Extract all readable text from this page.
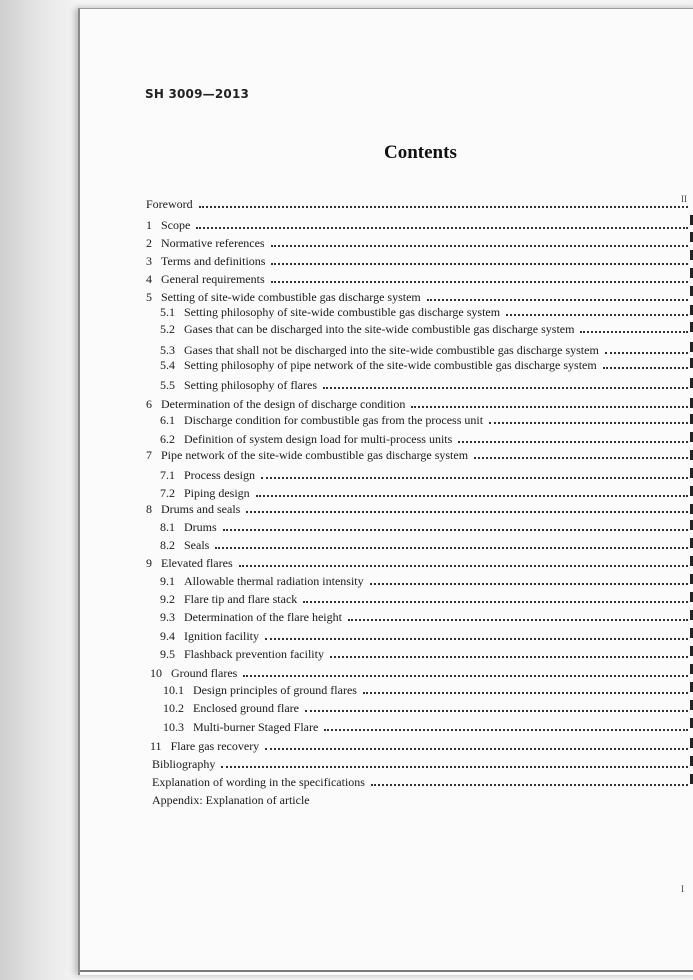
SH 3009—2013
Contents
Foreword
1 Scope
2 Normative references
3 Terms and definitions
4 General requirements
5 Setting of site-wide combustible gas discharge system
5.1 Setting philosophy of site-wide combustible gas discharge system
5.2 Gases that can be discharged into the site-wide combustible gas discharge system
5.3 Gases that shall not be discharged into the site-wide combustible gas discharge system
5.4 Setting philosophy of pipe network of the site-wide combustible gas discharge system
5.5 Setting philosophy of flares
6 Determination of the design of discharge condition
6.1 Discharge condition for combustible gas from the process unit
6.2 Definition of system design load for multi-process units
7 Pipe network of the site-wide combustible gas discharge system
7.1 Process design
7.2 Piping design
8 Drums and seals
8.1 Drums
8.2 Seals
9 Elevated flares
9.1 Allowable thermal radiation intensity
9.2 Flare tip and flare stack
9.3 Determination of the flare height
9.4 Ignition facility
9.5 Flashback prevention facility
10 Ground flares
10.1 Design principles of ground flares
10.2 Enclosed ground flare
10.3 Multi-burner Staged Flare
11 Flare gas recovery
Bibliography
Explanation of wording in the specifications
Appendix: Explanation of article
II
I
